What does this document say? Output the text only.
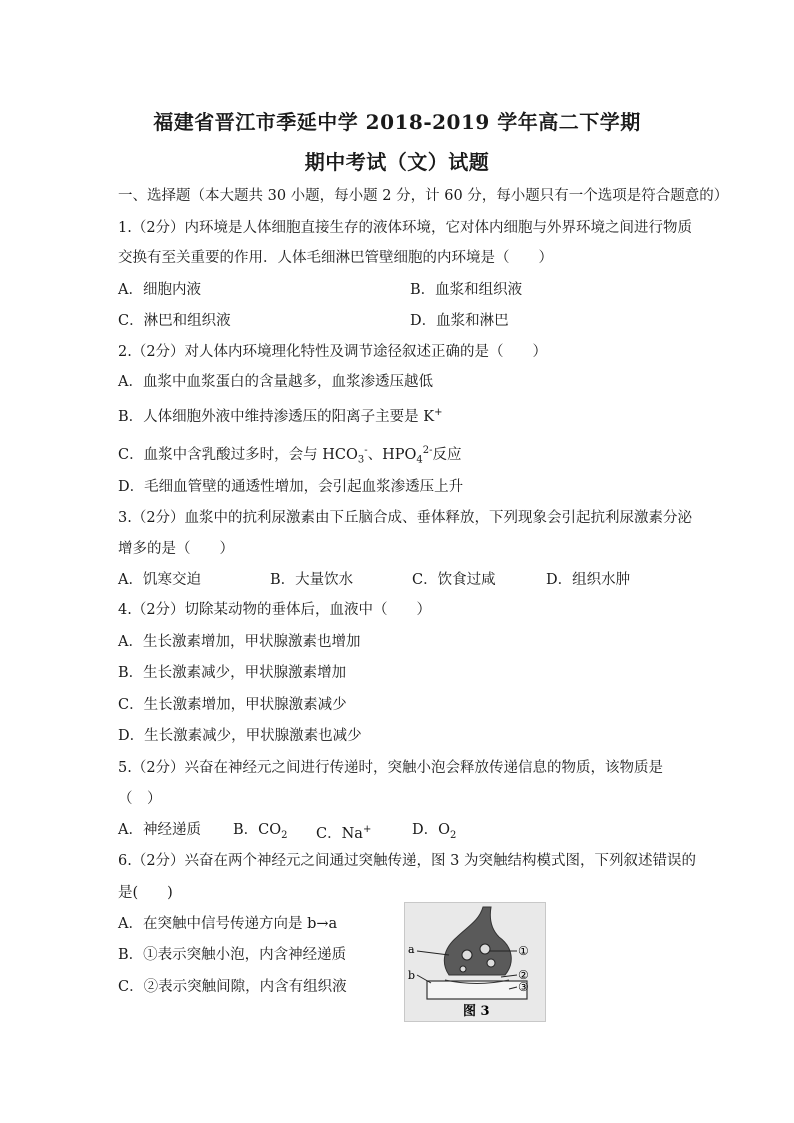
福建省晋江市季延中学 2018-2019 学年高二下学期
期中考试（文）试题
一、选择题（本大题共 30 小题，每小题 2 分，计 60 分，每小题只有一个选项是符合题意的）
1.（2分）内环境是人体细胞直接生存的液体环境，它对体内细胞与外界环境之间进行物质
交换有至关重要的作用．人体毛细淋巴管壁细胞的内环境是（　　）
A．细胞内液	B．血浆和组织液
C．淋巴和组织液	D．血浆和淋巴
2.（2分）对人体内环境理化特性及调节途径叙述正确的是（　　）
A．血浆中血浆蛋白的含量越多，血浆渗透压越低
B．人体细胞外液中维持渗透压的阳离子主要是 K+
C．血浆中含乳酸过多时，会与 $HCO_3^-$、$HPO_4^{2-}$反应
D．毛细血管壁的通透性增加，会引起血浆渗透压上升
3.（2分）血浆中的抗利尿激素由下丘脑合成、垂体释放，下列现象会引起抗利尿激素分泌
增多的是（　　）
A．饥寒交迫	B．大量饮水	C．饮食过咸	D．组织水肿
4.（2分）切除某动物的垂体后，血液中（　　）
A．生长激素增加，甲状腺激素也增加
B．生长激素减少，甲状腺激素增加
C．生长激素增加，甲状腺激素减少
D．生长激素减少，甲状腺激素也减少
5.（2分）兴奋在神经元之间进行传递时，突触小泡会释放传递信息的物质，该物质是
（　）
A．神经递质 B．$CO_2$ C．Na+	D．$O_2$
6.（2分）兴奋在两个神经元之间通过突触传递，图 3 为突触结构模式图，下列叙述错误的
是(　　)
A．在突触中信号传递方向是 b→a
B．①表示突触小泡，内含神经递质
C．②表示突触间隙，内含有组织液
a
b
①
②
③
图 3
